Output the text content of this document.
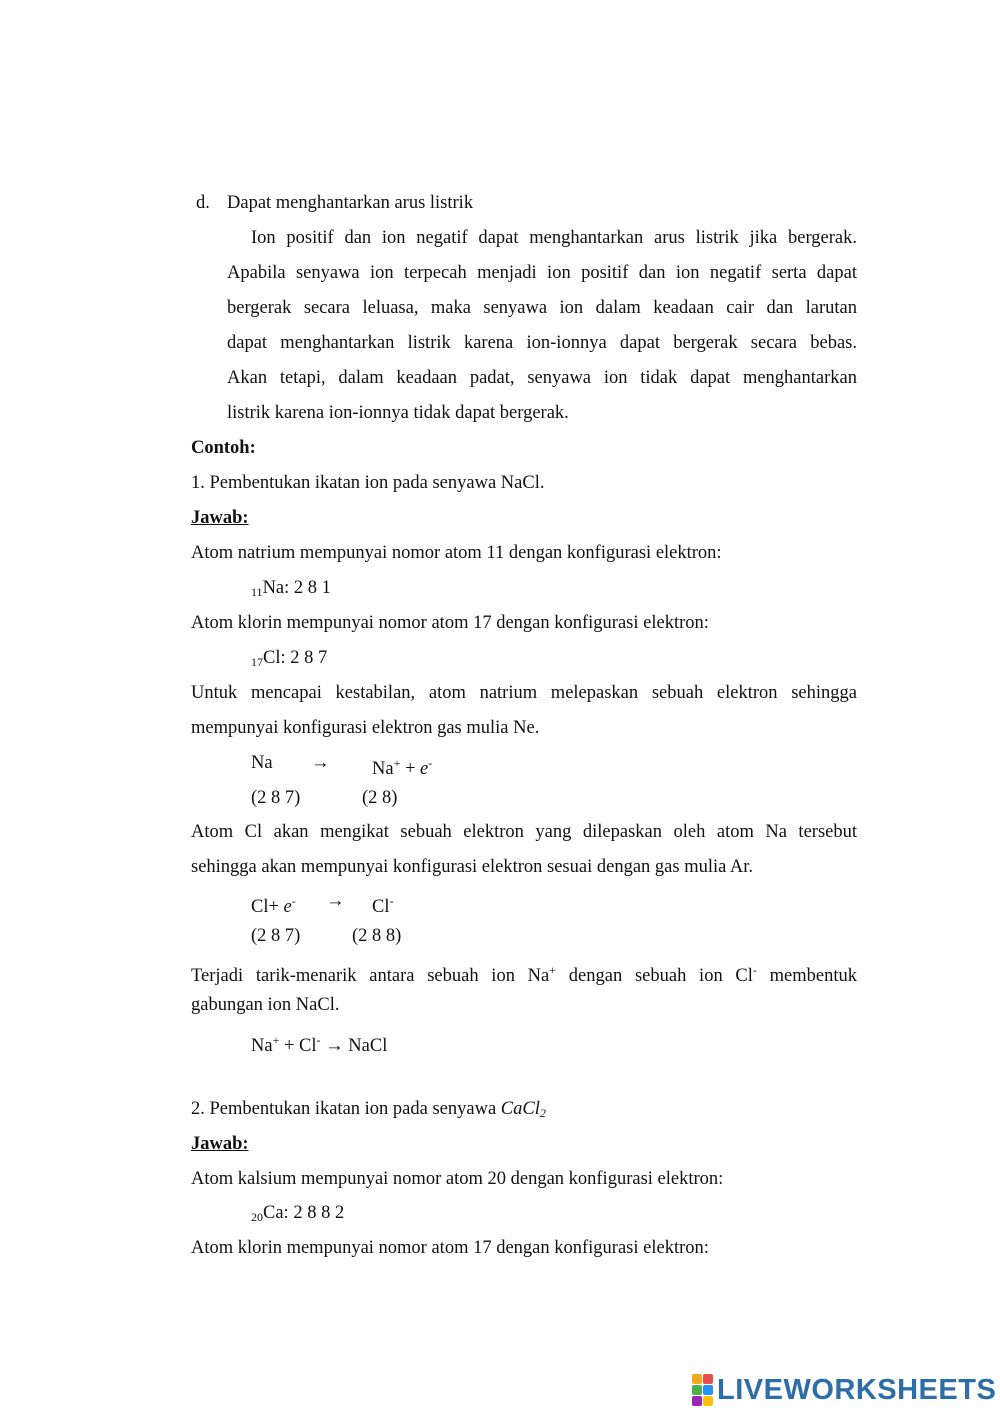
d. Dapat menghantarkan arus listrik
Ion positif dan ion negatif dapat menghantarkan arus listrik jika bergerak.
Apabila senyawa ion terpecah menjadi ion positif dan ion negatif serta dapat
bergerak secara leluasa, maka senyawa ion dalam keadaan cair dan larutan
dapat menghantarkan listrik karena ion-ionnya dapat bergerak secara bebas.
Akan tetapi, dalam keadaan padat, senyawa ion tidak dapat menghantarkan
listrik karena ion-ionnya tidak dapat bergerak.
Contoh:
1. Pembentukan ikatan ion pada senyawa NaCl.
Jawab:
Atom natrium mempunyai nomor atom 11 dengan konfigurasi elektron:
$_{11}$Na: 2 8 1
Atom klorin mempunyai nomor atom 17 dengan konfigurasi elektron:
$_{17}$Cl: 2 8 7
Untuk mencapai kestabilan, atom natrium melepaskan sebuah elektron sehingga
mempunyai konfigurasi elektron gas mulia Ne.
Na → Na+ + e-
(2 8 7)	(2 8)
Atom Cl akan mengikat sebuah elektron yang dilepaskan oleh atom Na tersebut
sehingga akan mempunyai konfigurasi elektron sesuai dengan gas mulia Ar.
Cl+ e- → Cl-
(2 8 7)	(2 8 8)
Terjadi tarik-menarik antara sebuah ion Na+ dengan sebuah ion Cl- membentuk
gabungan ion NaCl.
Na+ + Cl- → NaCl
2. Pembentukan ikatan ion pada senyawa CaCl$_2$
Jawab:
Atom kalsium mempunyai nomor atom 20 dengan konfigurasi elektron:
$_{20}$Ca: 2 8 8 2
Atom klorin mempunyai nomor atom 17 dengan konfigurasi elektron:
LIVEWORKSHEETS
